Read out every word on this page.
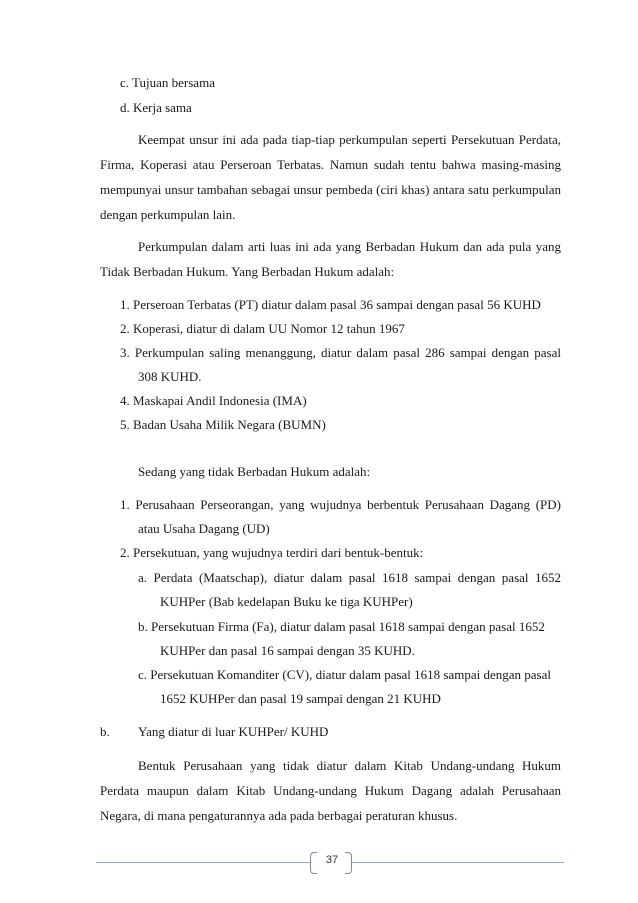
c. Tujuan bersama
d. Kerja sama
Keempat unsur ini ada pada tiap-tiap perkumpulan seperti Persekutuan Perdata,
Firma, Koperasi atau Perseroan Terbatas. Namun sudah tentu bahwa masing-masing
mempunyai unsur tambahan sebagai unsur pembeda (ciri khas) antara satu perkumpulan
dengan perkumpulan lain.
Perkumpulan dalam arti luas ini ada yang Berbadan Hukum dan ada pula yang
Tidak Berbadan Hukum. Yang Berbadan Hukum adalah:
1. Perseroan Terbatas (PT) diatur dalam pasal 36 sampai dengan pasal 56 KUHD
2. Koperasi, diatur di dalam UU Nomor 12 tahun 1967
3. Perkumpulan saling menanggung, diatur dalam pasal 286 sampai dengan pasal
308 KUHD.
4. Maskapai Andil Indonesia (IMA)
5. Badan Usaha Milik Negara (BUMN)
Sedang yang tidak Berbadan Hukum adalah:
1. Perusahaan Perseorangan, yang wujudnya berbentuk Perusahaan Dagang (PD)
atau Usaha Dagang (UD)
2. Persekutuan, yang wujudnya terdiri dari bentuk-bentuk:
a. Perdata (Maatschap), diatur dalam pasal 1618 sampai dengan pasal 1652
KUHPer (Bab kedelapan Buku ke tiga KUHPer)
b. Persekutuan Firma (Fa), diatur dalam pasal 1618 sampai dengan pasal 1652
KUHPer dan pasal 16 sampai dengan 35 KUHD.
c. Persekutuan Komanditer (CV), diatur dalam pasal 1618 sampai dengan pasal
1652 KUHPer dan pasal 19 sampai dengan 21 KUHD
b. Yang diatur di luar KUHPer/ KUHD
Bentuk Perusahaan yang tidak diatur dalam Kitab Undang-undang Hukum
Perdata maupun dalam Kitab Undang-undang Hukum Dagang adalah Perusahaan
Negara, di mana pengaturannya ada pada berbagai peraturan khusus.
37
